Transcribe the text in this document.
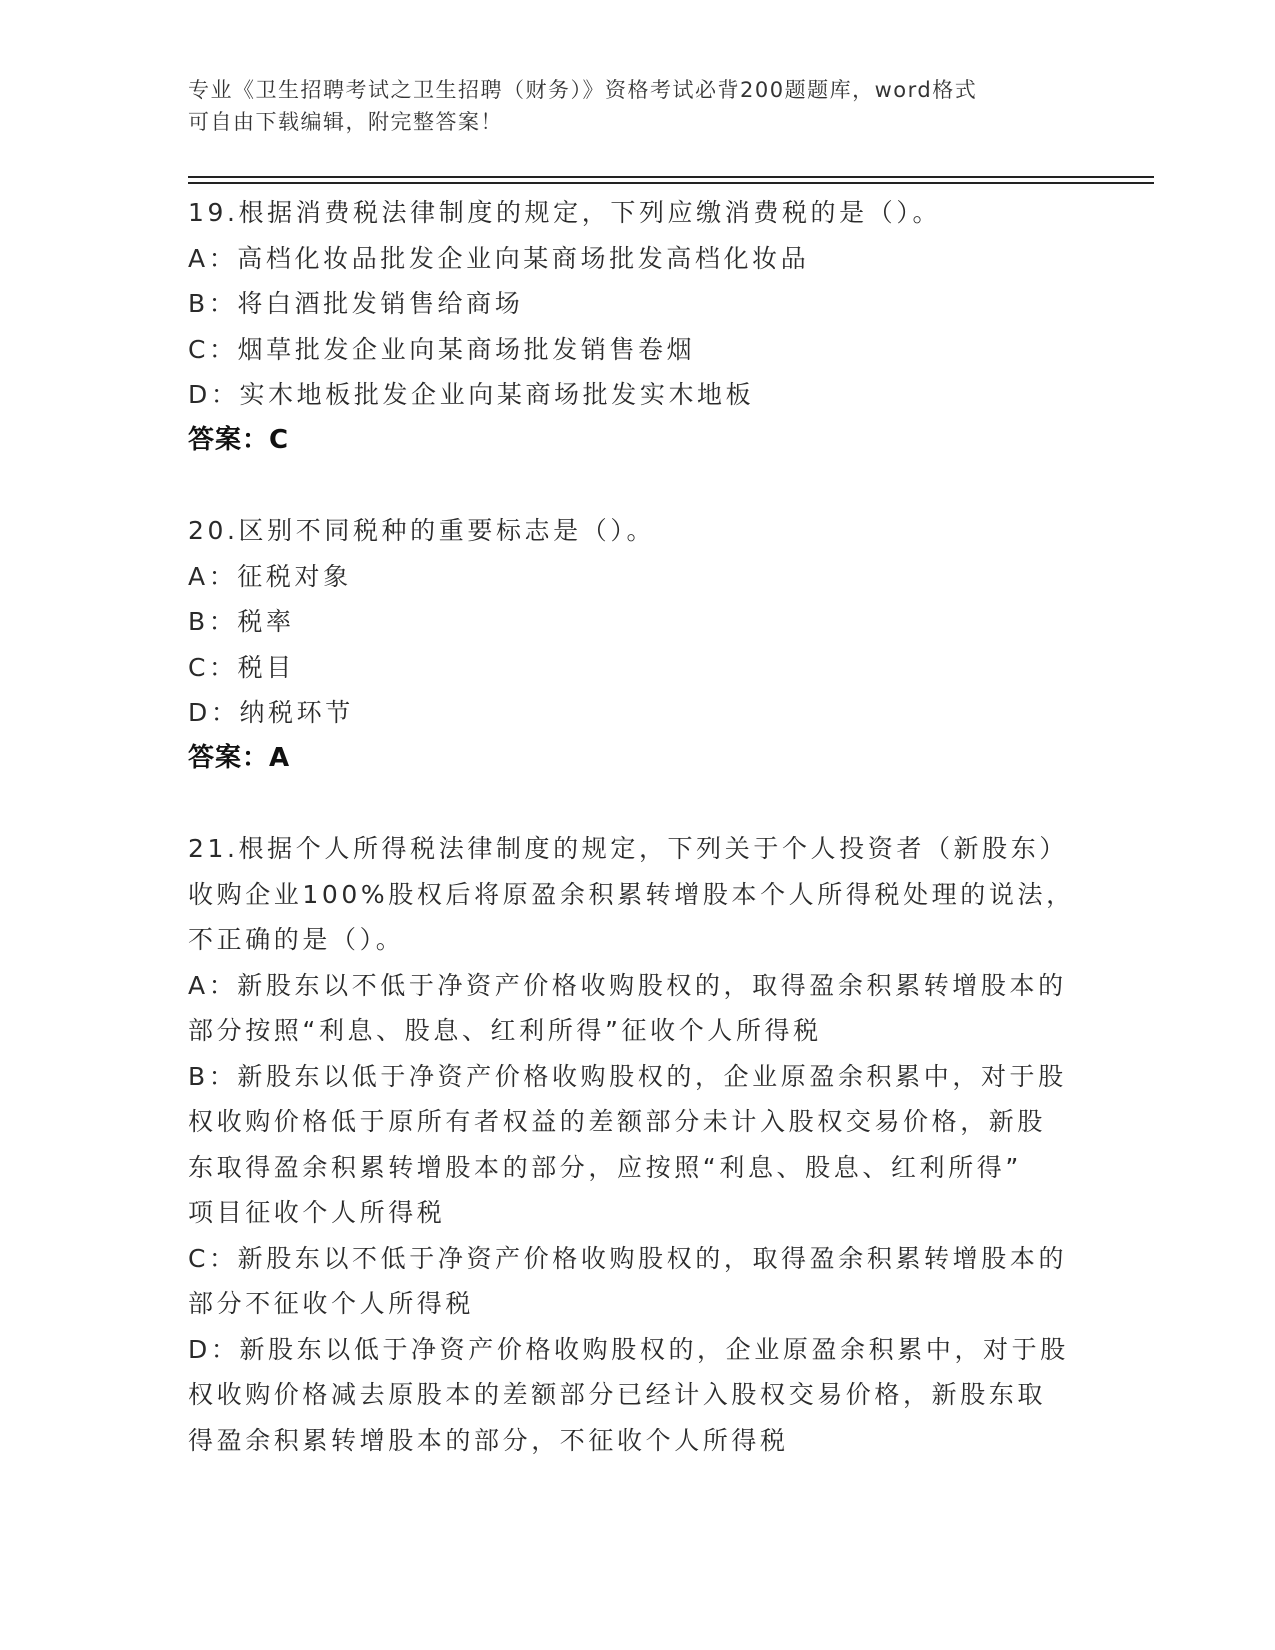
专业《卫生招聘考试之卫生招聘（财务）》资格考试必背200题题库，word格式
可自由下载编辑，附完整答案！
19.根据消费税法律制度的规定，下列应缴消费税的是（）。
A：高档化妆品批发企业向某商场批发高档化妆品
B：将白酒批发销售给商场
C：烟草批发企业向某商场批发销售卷烟
D：实木地板批发企业向某商场批发实木地板
答案：C
20.区别不同税种的重要标志是（）。
A：征税对象
B：税率
C：税目
D：纳税环节
答案：A
21.根据个人所得税法律制度的规定，下列关于个人投资者（新股东）
收购企业100%股权后将原盈余积累转增股本个人所得税处理的说法，
不正确的是（）。
A：新股东以不低于净资产价格收购股权的，取得盈余积累转增股本的
部分按照“利息、股息、红利所得”征收个人所得税
B：新股东以低于净资产价格收购股权的，企业原盈余积累中，对于股
权收购价格低于原所有者权益的差额部分未计入股权交易价格，新股
东取得盈余积累转增股本的部分，应按照“利息、股息、红利所得”
项目征收个人所得税
C：新股东以不低于净资产价格收购股权的，取得盈余积累转增股本的
部分不征收个人所得税
D：新股东以低于净资产价格收购股权的，企业原盈余积累中，对于股
权收购价格减去原股本的差额部分已经计入股权交易价格，新股东取
得盈余积累转增股本的部分，不征收个人所得税
